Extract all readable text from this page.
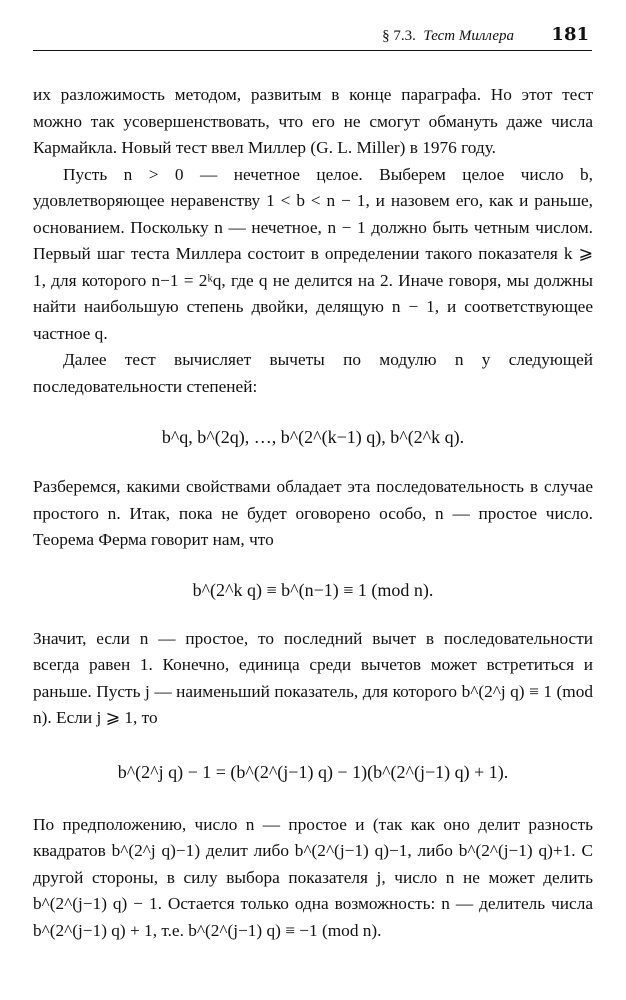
§ 7.3. Тест Миллера 181

их разложимость методом, развитым в конце параграфа. Но этот тест можно так усовершенствовать, что его не смогут обмануть даже числа Кармайкла. Новый тест ввел Миллер (G. L. Miller) в 1976 году.

Пусть n > 0 — нечетное целое. Выберем целое число b, удовлетворяющее неравенству 1 < b < n − 1, и назовем его, как и раньше, основанием. Поскольку n — нечетное, n − 1 должно быть четным числом. Первый шаг теста Миллера состоит в определении такого показателя k ⩾ 1, для которого n−1 = 2ᵏq, где q не делится на 2. Иначе говоря, мы должны найти наибольшую степень двойки, делящую n − 1, и соответствующее частное q.

Далее тест вычисляет вычеты по модулю n у следующей последовательности степеней:

b^q, b^(2q), …, b^(2^(k−1) q), b^(2^k q).

Разберемся, какими свойствами обладает эта последовательность в случае простого n. Итак, пока не будет оговорено особо, n — простое число. Теорема Ферма говорит нам, что

b^(2^k q) ≡ b^(n−1) ≡ 1 (mod n).

Значит, если n — простое, то последний вычет в последовательности всегда равен 1. Конечно, единица среди вычетов может встретиться и раньше. Пусть j — наименьший показатель, для которого b^(2^j q) ≡ 1 (mod n). Если j ⩾ 1, то

b^(2^j q) − 1 = (b^(2^(j−1) q) − 1)(b^(2^(j−1) q) + 1).

По предположению, число n — простое и (так как оно делит разность квадратов b^(2^j q)−1) делит либо b^(2^(j−1) q)−1, либо b^(2^(j−1) q)+1. С другой стороны, в силу выбора показателя j, число n не может делить b^(2^(j−1) q) − 1. Остается только одна возможность: n — делитель числа b^(2^(j−1) q) + 1, т.е. b^(2^(j−1) q) ≡ −1 (mod n).
